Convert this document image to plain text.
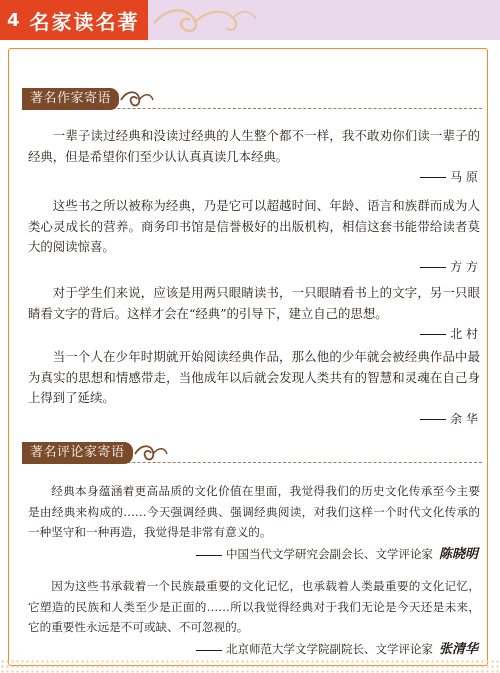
4 名家读名著
著名作家寄语

一辈子读过经典和没读过经典的人生整个都不一样，我不敢劝你们读一辈子的经典，但是希望你们至少认认真真读几本经典。

马 原

这些书之所以被称为经典，乃是它可以超越时间、年龄、语言和族群而成为人类心灵成长的营养。商务印书馆是信誉极好的出版机构，相信这套书能带给读者莫大的阅读惊喜。

方 方

对于学生们来说，应该是用两只眼睛读书，一只眼睛看书上的文字，另一只眼睛看文字的背后。这样才会在“经典”的引导下，建立自己的思想。

北 村

当一个人在少年时期就开始阅读经典作品，那么他的少年就会被经典作品中最为真实的思想和情感带走，当他成年以后就会发现人类共有的智慧和灵魂在自己身上得到了延续。

余 华
著名评论家寄语

经典本身蕴涵着更高品质的文化价值在里面，我觉得我们的历史文化传承至今主要是由经典来构成的……今天强调经典、强调经典阅读，对我们这样一个时代文化传承的一种坚守和一种再造，我觉得是非常有意义的。

中国当代文学研究会副会长、文学评论家 陈晓明

因为这些书承载着一个民族最重要的文化记忆，也承载着人类最重要的文化记忆，它塑造的民族和人类至少是正面的……所以我觉得经典对于我们无论是今天还是未来，它的重要性永远是不可或缺、不可忽视的。

北京师范大学文学院副院长、文学评论家 张清华
